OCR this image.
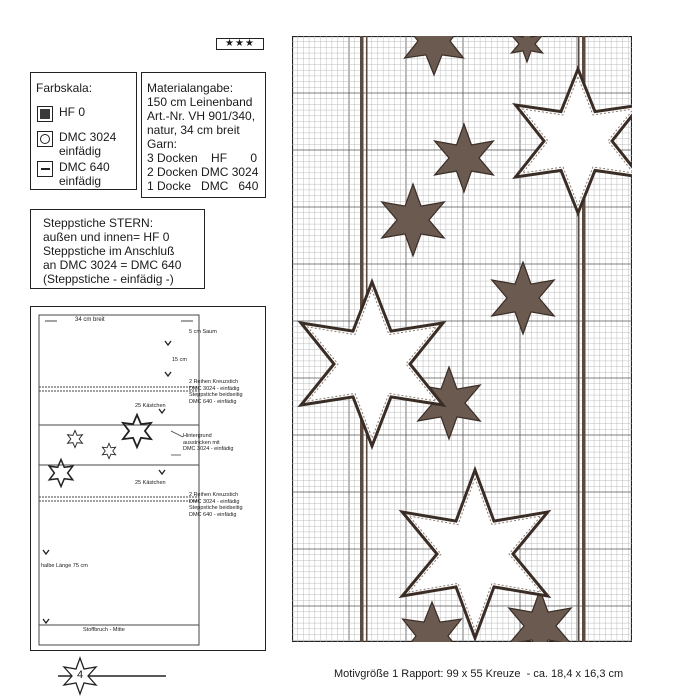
★★★
Farbskala:
HF 0
DMC 3024
einfädig
DMC 640
einfädig
Materialangabe:
150 cm Leinenband
Art.-Nr. VH 901/340,
natur, 34 cm breit
Garn:
3 Docken    HF       0
2 Docken DMC 3024
1 Docke   DMC   640
Steppstiche STERN:
außen und innen= HF 0
Steppstiche im Anschluß
an DMC 3024 = DMC 640
(Steppstiche - einfädig -)
34 cm breit
5 cm Saum
15 cm
2 Reihen Kreuzstich
DMC 3024 - einfädig
Steppstiche beidseitig
DMC 640 - einfädig
25 Kästchen
Hintergrund
ausstricken mit
DMC 3024 - einfädig
25 Kästchen
2 Reihen Kreuzstich
DMC 3024 - einfädig
Steppstiche beidseitig
DMC 640 - einfädig
halbe Länge 75 cm
Stoffbruch - Mitte
4	Motivgröße 1 Rapport: 99 x 55 Kreuze  - ca. 18,4 x 16,3 cm
